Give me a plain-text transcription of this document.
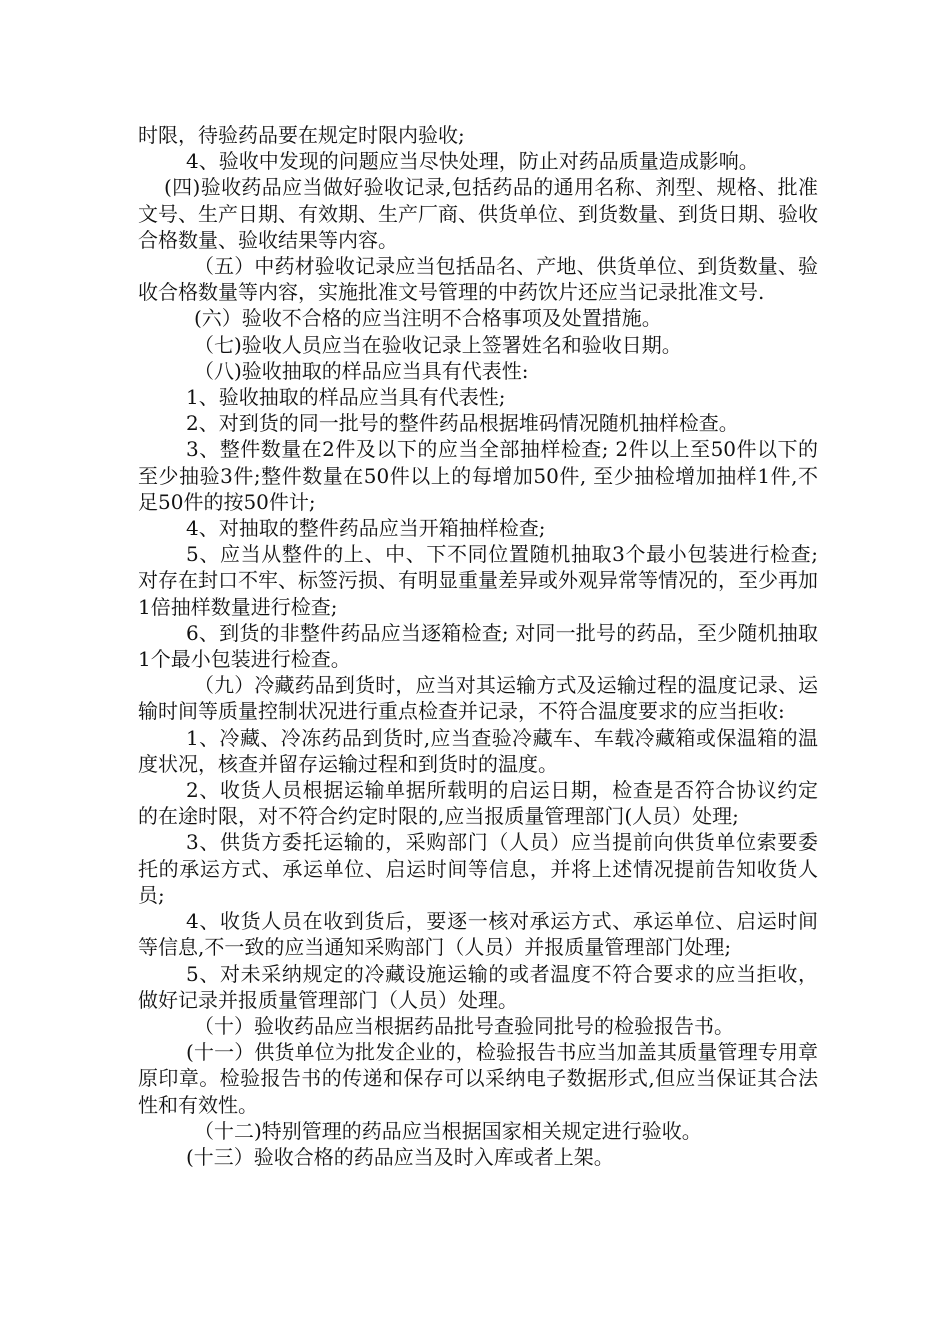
时限，待验药品要在规定时限内验收;

4、验收中发现的问题应当尽快处理，防止对药品质量造成影响。

(四)验收药品应当做好验收记录,包括药品的通用名称、剂型、规格、批准文号、生产日期、有效期、生产厂商、供货单位、到货数量、到货日期、验收合格数量、验收结果等内容。

（五）中药材验收记录应当包括品名、产地、供货单位、到货数量、验收合格数量等内容，实施批准文号管理的中药饮片还应当记录批准文号.

(六）验收不合格的应当注明不合格事项及处置措施。

（七)验收人员应当在验收记录上签署姓名和验收日期。

（八)验收抽取的样品应当具有代表性:

1、验收抽取的样品应当具有代表性;

2、对到货的同一批号的整件药品根据堆码情况随机抽样检查。

3、整件数量在2件及以下的应当全部抽样检查; 2件以上至50件以下的至少抽验3件;整件数量在50件以上的每增加50件, 至少抽检增加抽样1件,不足50件的按50件计;

4、对抽取的整件药品应当开箱抽样检查;

5、应当从整件的上、中、下不同位置随机抽取3个最小包装进行检查; 对存在封口不牢、标签污损、有明显重量差异或外观异常等情况的，至少再加1倍抽样数量进行检查;

6、到货的非整件药品应当逐箱检查; 对同一批号的药品，至少随机抽取1个最小包装进行检查。

（九）冷藏药品到货时，应当对其运输方式及运输过程的温度记录、运输时间等质量控制状况进行重点检查并记录，不符合温度要求的应当拒收:

1、冷藏、冷冻药品到货时,应当查验冷藏车、车载冷藏箱或保温箱的温度状况，核查并留存运输过程和到货时的温度。

2、收货人员根据运输单据所载明的启运日期，检查是否符合协议约定的在途时限，对不符合约定时限的,应当报质量管理部门(人员）处理;

3、供货方委托运输的，采购部门（人员）应当提前向供货单位索要委托的承运方式、承运单位、启运时间等信息，并将上述情况提前告知收货人员;

4、收货人员在收到货后，要逐一核对承运方式、承运单位、启运时间等信息,不一致的应当通知采购部门（人员）并报质量管理部门处理;

5、对未采纳规定的冷藏设施运输的或者温度不符合要求的应当拒收，做好记录并报质量管理部门（人员）处理。

（十）验收药品应当根据药品批号查验同批号的检验报告书。

(十一）供货单位为批发企业的，检验报告书应当加盖其质量管理专用章原印章。检验报告书的传递和保存可以采纳电子数据形式,但应当保证其合法性和有效性。

（十二)特别管理的药品应当根据国家相关规定进行验收。

(十三）验收合格的药品应当及时入库或者上架。
